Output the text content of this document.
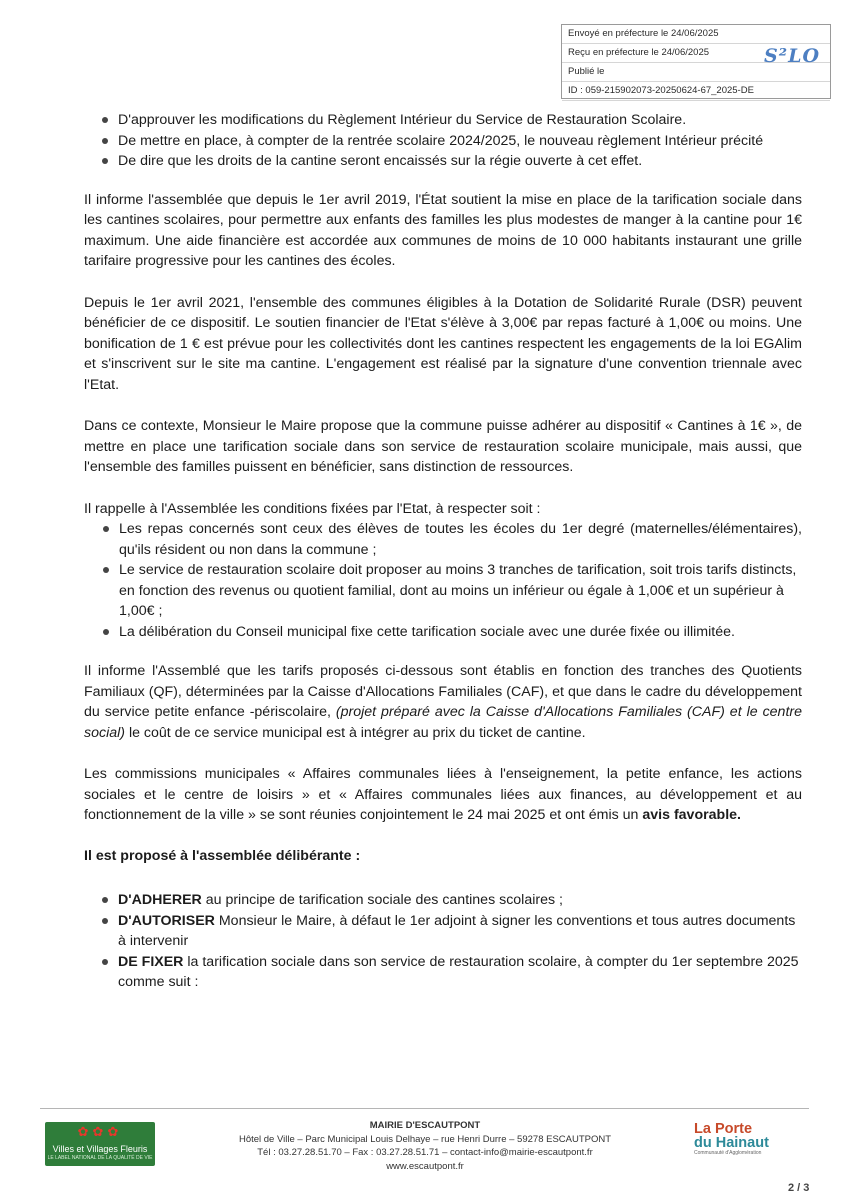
Envoyé en préfecture le 24/06/2025
Reçu en préfecture le 24/06/2025
Publié le
ID : 059-215902073-20250624-67_2025-DE
S²LO
D'approuver les modifications du Règlement Intérieur du Service de Restauration Scolaire.
De mettre en place, à compter de la rentrée scolaire 2024/2025, le nouveau règlement Intérieur précité
De dire que les droits de la cantine seront encaissés sur la régie ouverte à cet effet.

Il informe l'assemblée que depuis le 1er avril 2019, l'État soutient la mise en place de la tarification sociale dans les cantines scolaires, pour permettre aux enfants des familles les plus modestes de manger à la cantine pour 1€ maximum. Une aide financière est accordée aux communes de moins de 10 000 habitants instaurant une grille tarifaire progressive pour les cantines des écoles.

Depuis le 1er avril 2021, l'ensemble des communes éligibles à la Dotation de Solidarité Rurale (DSR) peuvent bénéficier de ce dispositif. Le soutien financier de l'Etat s'élève à 3,00€ par repas facturé à 1,00€ ou moins. Une bonification de 1 € est prévue pour les collectivités dont les cantines respectent les engagements de la loi EGAlim et s'inscrivent sur le site ma cantine. L'engagement est réalisé par la signature d'une convention triennale avec l'Etat.

Dans ce contexte, Monsieur le Maire propose que la commune puisse adhérer au dispositif « Cantines à 1€ », de mettre en place une tarification sociale dans son service de restauration scolaire municipale, mais aussi, que l'ensemble des familles puissent en bénéficier, sans distinction de ressources.

Il rappelle à l'Assemblée les conditions fixées par l'Etat, à respecter soit :

Les repas concernés sont ceux des élèves de toutes les écoles du 1er degré (maternelles/élémentaires), qu'ils résident ou non dans la commune ;
Le service de restauration scolaire doit proposer au moins 3 tranches de tarification, soit trois tarifs distincts, en fonction des revenus ou quotient familial, dont au moins un inférieur ou égale à 1,00€ et un supérieur à 1,00€ ;
La délibération du Conseil municipal fixe cette tarification sociale avec une durée fixée ou illimitée.

Il informe l'Assemblé que les tarifs proposés ci-dessous sont établis en fonction des tranches des Quotients Familiaux (QF), déterminées par la Caisse d'Allocations Familiales (CAF), et que dans le cadre du développement du service petite enfance -périscolaire, (projet préparé avec la Caisse d'Allocations Familiales (CAF) et le centre social) le coût de ce service municipal est à intégrer au prix du ticket de cantine.

Les commissions municipales « Affaires communales liées à l'enseignement, la petite enfance, les actions sociales et le centre de loisirs » et « Affaires communales liées aux finances, au développement et au fonctionnement de la ville » se sont réunies conjointement le 24 mai 2025 et ont émis un avis favorable.

Il est proposé à l'assemblée délibérante :

D'ADHERER au principe de tarification sociale des cantines scolaires ;
D'AUTORISER Monsieur le Maire, à défaut le 1er adjoint à signer les conventions et tous autres documents à intervenir
DE FIXER la tarification sociale dans son service de restauration scolaire, à compter du 1er septembre 2025 comme suit :
✿✿✿
Villes et Villages Fleuris
LE LABEL NATIONAL DE LA QUALITÉ DE VIE
MAIRIE D'ESCAUTPONT
Hôtel de Ville – Parc Municipal Louis Delhaye – rue Henri Durre – 59278 ESCAUTPONT
Tél : 03.27.28.51.70 – Fax : 03.27.28.51.71 – contact-info@mairie-escautpont.fr
www.escautpont.fr
La Porte
du Hainaut
Communauté d'Agglomération
2 / 3
